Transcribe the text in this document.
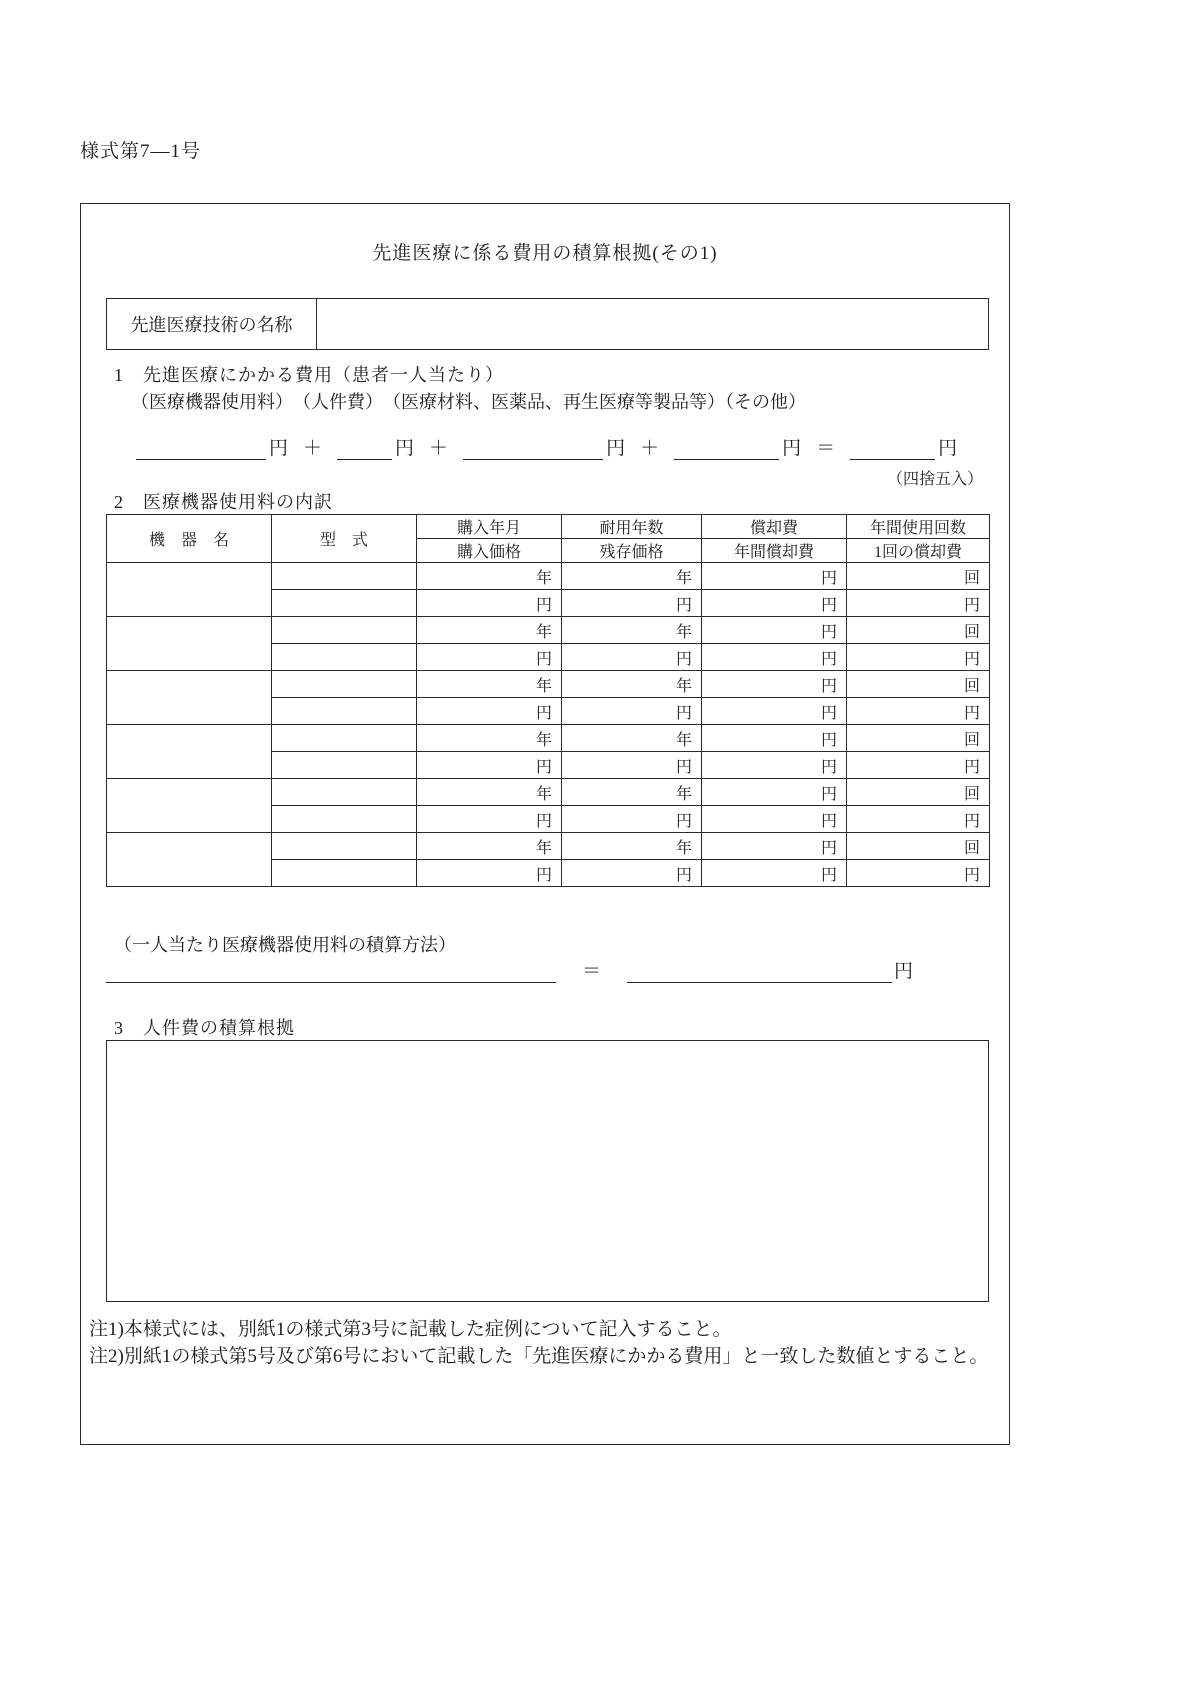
様式第7―1号
先進医療に係る費用の積算根拠(その1)
先進医療技術の名称
1　先進医療にかかる費用（患者一人当たり）
（医療機器使用料）　（人件費）　（医療材料、医薬品、再生医療等製品等）（その他）
円 ＋	円 ＋	円 ＋	円 ＝	円
（四捨五入）
2　医療機器使用料の内訳
機　器　名	型　式	購入年月	耐用年数	償却費	年間使用回数
		購入価格	残存価格	年間償却費	1回の償却費
		年	年	円	回
		円	円	円	円
		年	年	円	回
		円	円	円	円
		年	年	円	回
		円	円	円	円
		年	年	円	回
		円	円	円	円
		年	年	円	回
		円	円	円	円
		年	年	円	回
		円	円	円	円
（一人当たり医療機器使用料の積算方法）
＝	円
3　人件費の積算根拠

注1)本様式には、別紙1の様式第3号に記載した症例について記入すること。

注2)別紙1の様式第5号及び第6号において記載した「先進医療にかかる費用」と一致した数値とすること。
